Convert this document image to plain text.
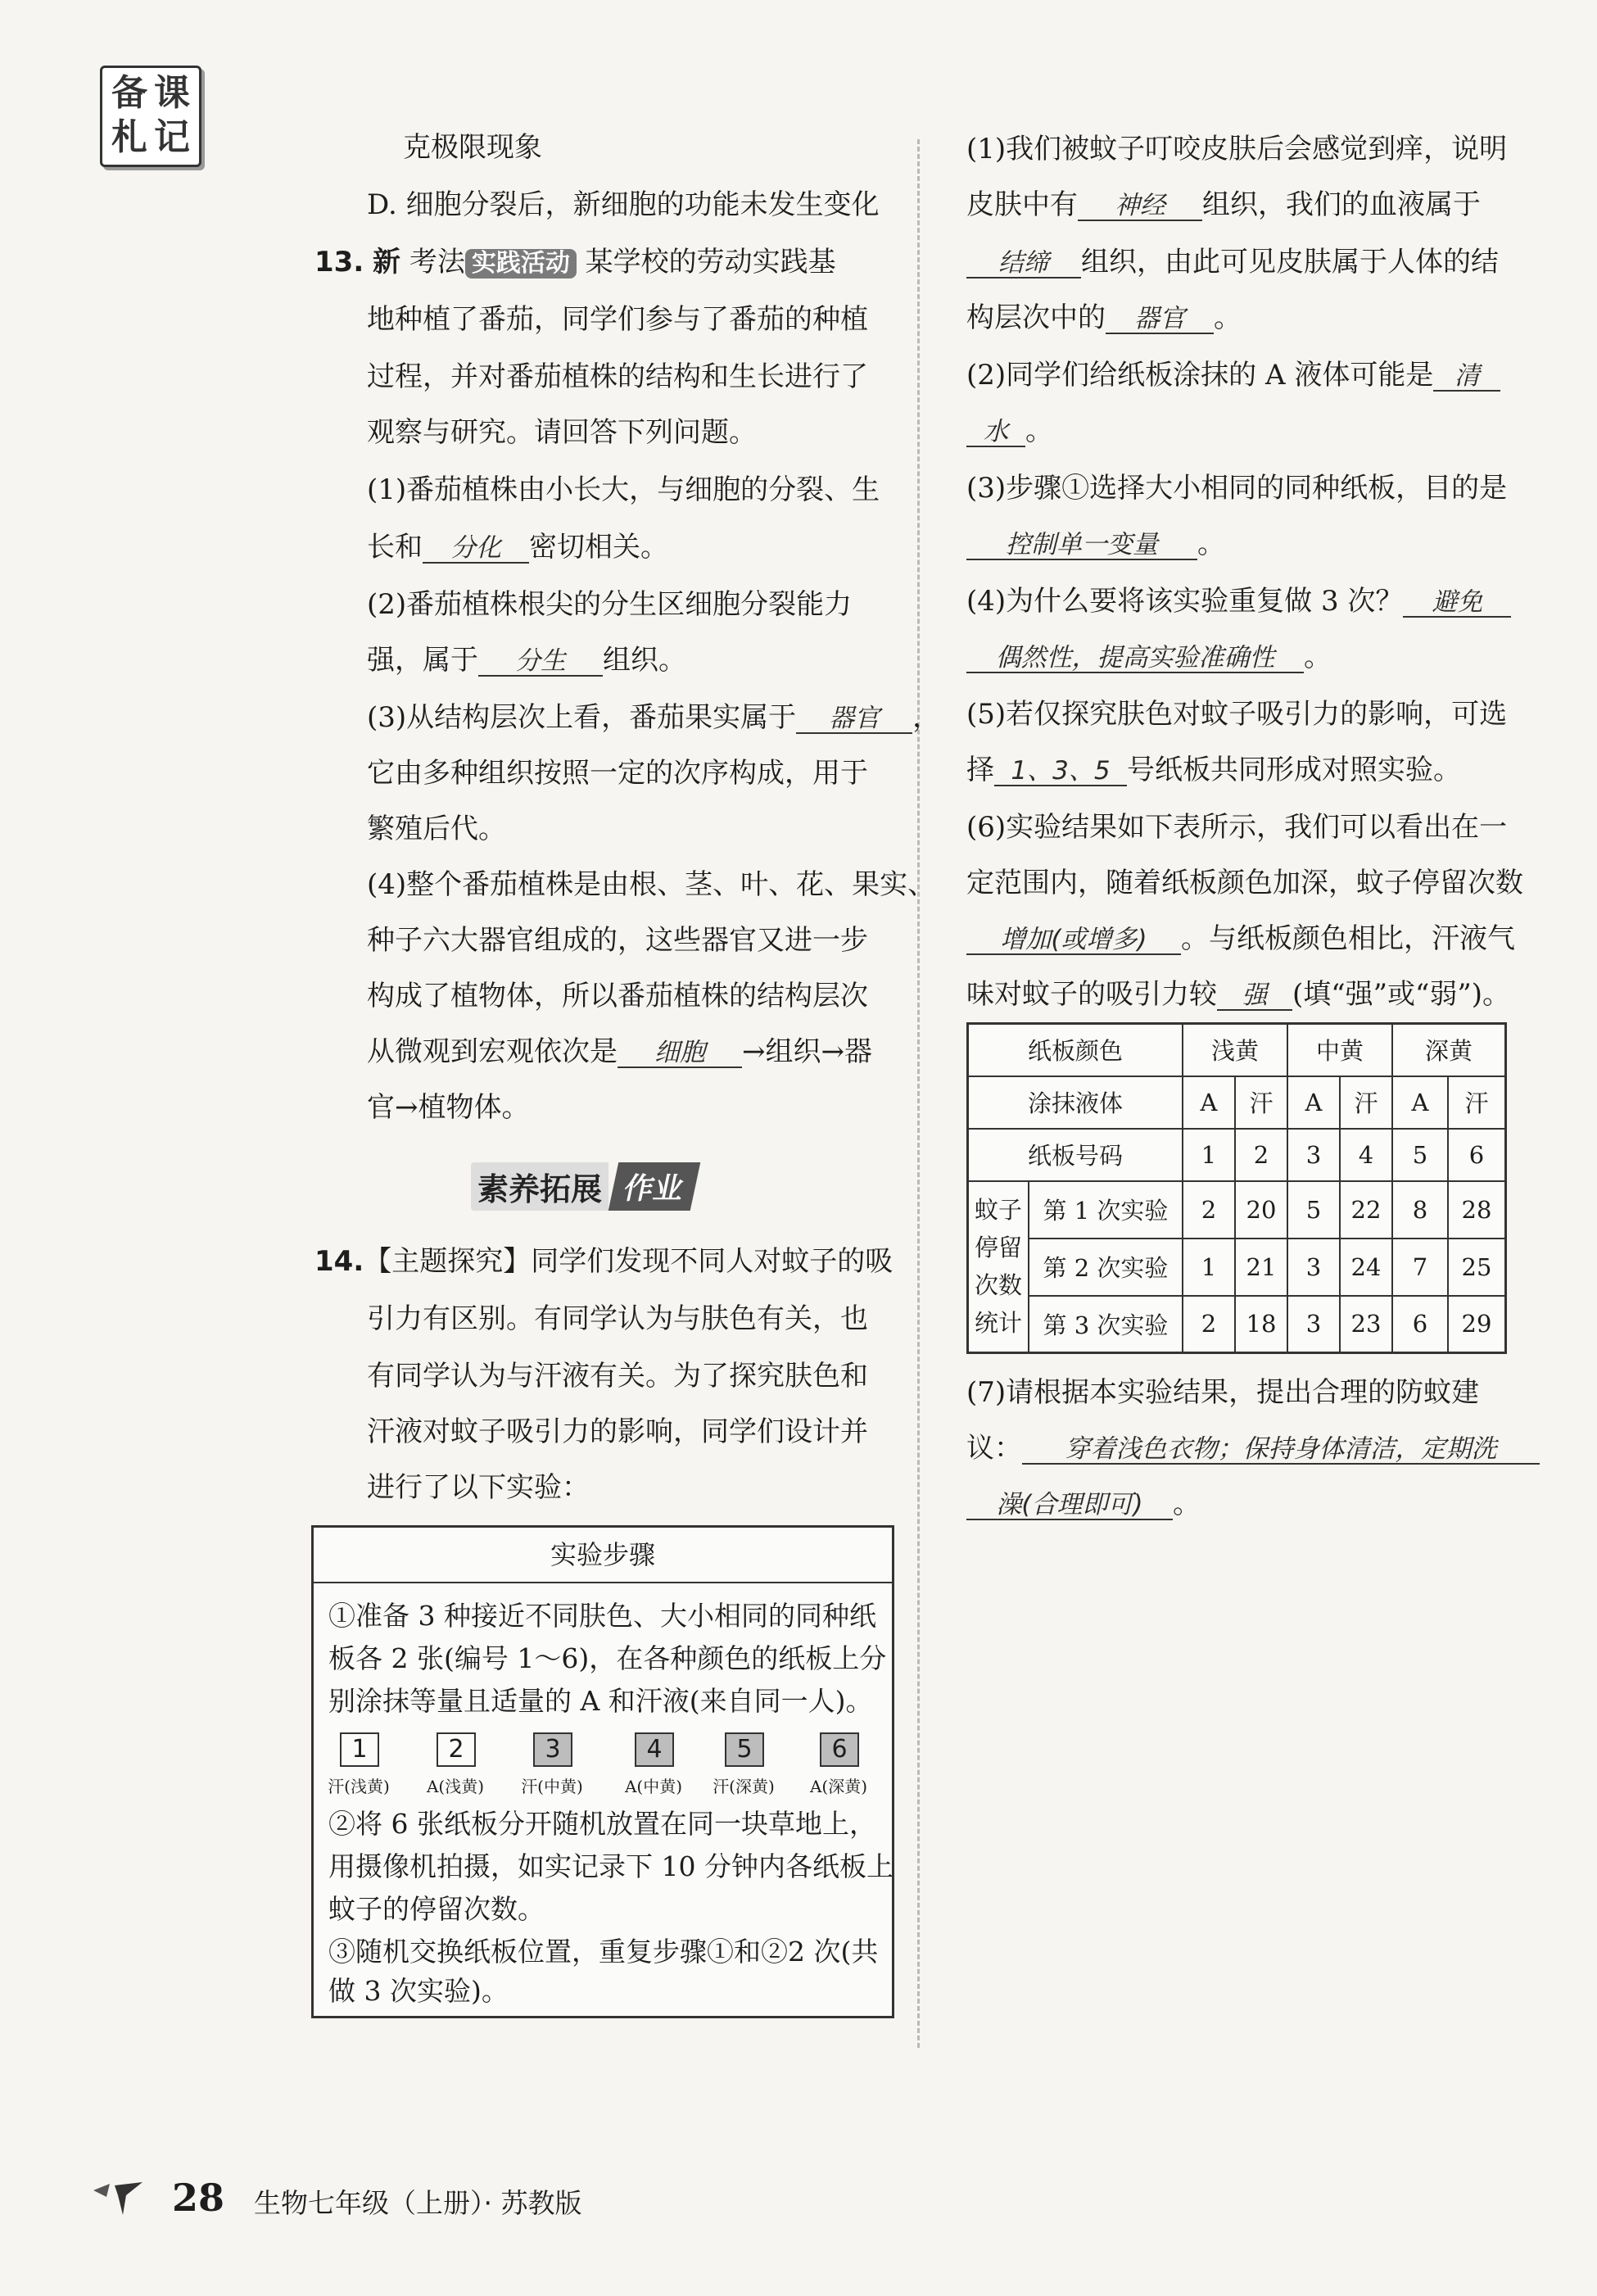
备 课
札 记	克极限现象
D. 细胞分裂后，新细胞的功能未发生变化
13. 新 考法 实践活动 某学校的劳动实践基
地种植了番茄，同学们参与了番茄的种植
过程，并对番茄植株的结构和生长进行了
观察与研究。请回答下列问题。
(1)番茄植株由小长大，与细胞的分裂、生
长和 分化 密切相关。
(2)番茄植株根尖的分生区细胞分裂能力
强，属于 分生 组织。
(3)从结构层次上看，番茄果实属于 器官 ，
它由多种组织按照一定的次序构成，用于
繁殖后代。
(4)整个番茄植株是由根、茎、叶、花、果实、
种子六大器官组成的，这些器官又进一步
构成了植物体，所以番茄植株的结构层次
从微观到宏观依次是 细胞 →组织→器
官→植物体。
素养拓展 作业
14.【主题探究】同学们发现不同人对蚊子的吸
引力有区别。有同学认为与肤色有关，也
有同学认为与汗液有关。为了探究肤色和
汗液对蚊子吸引力的影响，同学们设计并
进行了以下实验：
实验步骤
①准备 3 种接近不同肤色、大小相同的同种纸
板各 2 张(编号 1～6)，在各种颜色的纸板上分
别涂抹等量且适量的 A 和汗液(来自同一人)。
1	2	3	4	5	6
汗(浅黄)	A(浅黄)	汗(中黄)	A(中黄)	汗(深黄)	A(深黄)
②将 6 张纸板分开随机放置在同一块草地上，
用摄像机拍摄，如实记录下 10 分钟内各纸板上
蚊子的停留次数。
③随机交换纸板位置，重复步骤①和②2 次(共
做 3 次实验)。
(1)我们被蚊子叮咬皮肤后会感觉到痒，说明
皮肤中有 神经 组织，我们的血液属于
结缔 组织，由此可见皮肤属于人体的结
构层次中的 器官 。
(2)同学们给纸板涂抹的 A 液体可能是 清
水 。
(3)步骤①选择大小相同的同种纸板，目的是
控制单一变量 。
(4)为什么要将该实验重复做 3 次？ 避免
偶然性，提高实验准确性 。
(5)若仅探究肤色对蚊子吸引力的影响，可选
择 1、3、5 号纸板共同形成对照实验。
(6)实验结果如下表所示，我们可以看出在一
定范围内，随着纸板颜色加深，蚊子停留次数
增加(或增多) 。与纸板颜色相比，汗液气
味对蚊子的吸引力较 强 (填“强”或“弱”)。
纸板颜色		浅黄		中黄		深黄	
涂抹液体		A	汗	A	汗	A	汗
纸板号码		1	2	3	4	5	6

蚊子
停留
次数
统计	第 1 次实验	2	20	5	22	8	28
	第 2 次实验	1	21	3	24	7	25
	第 3 次实验	2	18	3	23	6	29
(7)请根据本实验结果，提出合理的防蚊建
议： 穿着浅色衣物；保持身体清洁，定期洗
澡(合理即可) 。
28 生物七年级（上册）· 苏教版
